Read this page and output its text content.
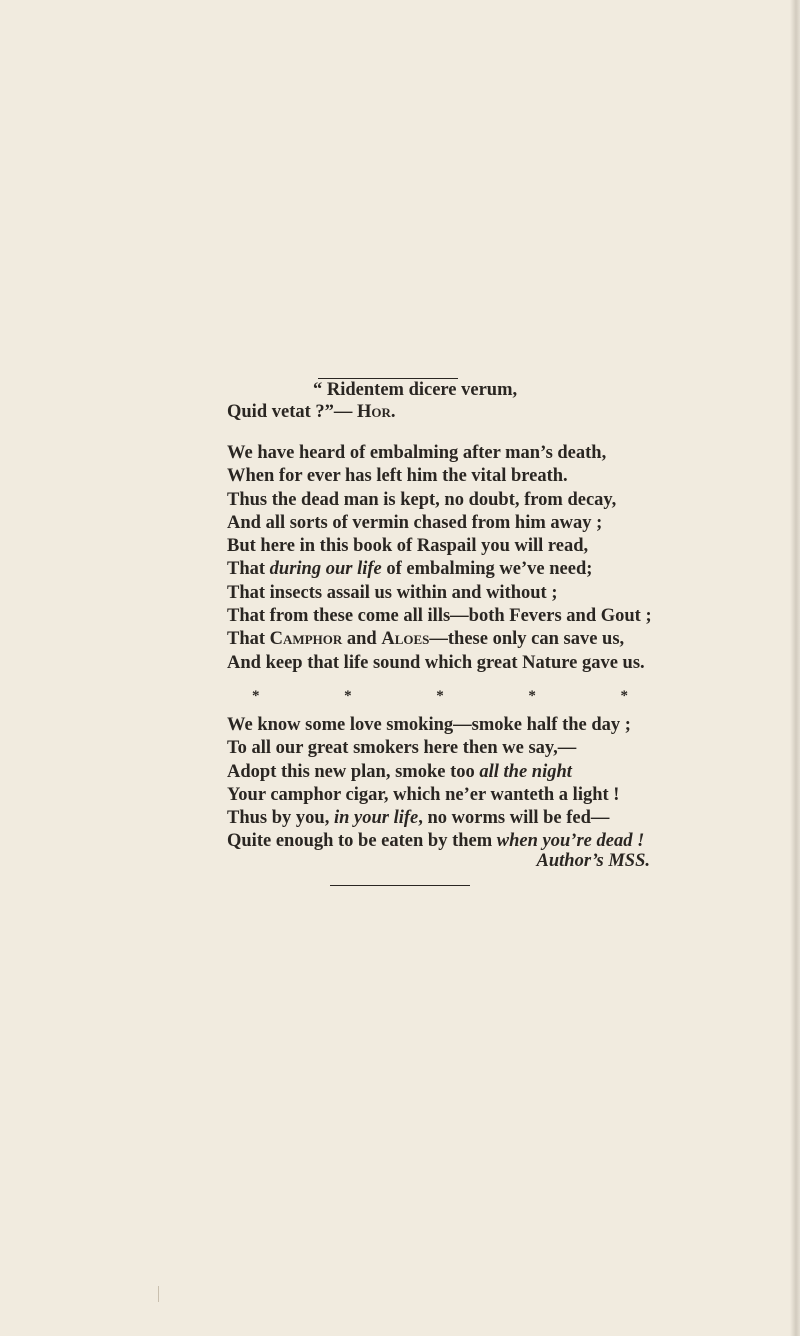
“ Ridentem dicere verum,
Quid vetat ?”— Hor.
We have heard of embalming after man’s death,
When for ever has left him the vital breath.
Thus the dead man is kept, no doubt, from decay,
And all sorts of vermin chased from him away ;
But here in this book of Raspail you will read,
That during our life of embalming we’ve need;
That insects assail us within and without ;
That from these come all ills—both Fevers and Gout ;
That Camphor and Aloes—these only can save us,
And keep that life sound which great Nature gave us.
*	*	*	*	*
We know some love smoking—smoke half the day ;
To all our great smokers here then we say,—
Adopt this new plan, smoke too all the night
Your camphor cigar, which ne’er wanteth a light !
Thus by you, in your life, no worms will be fed—
Quite enough to be eaten by them when you’re dead !
Author’s MSS.
